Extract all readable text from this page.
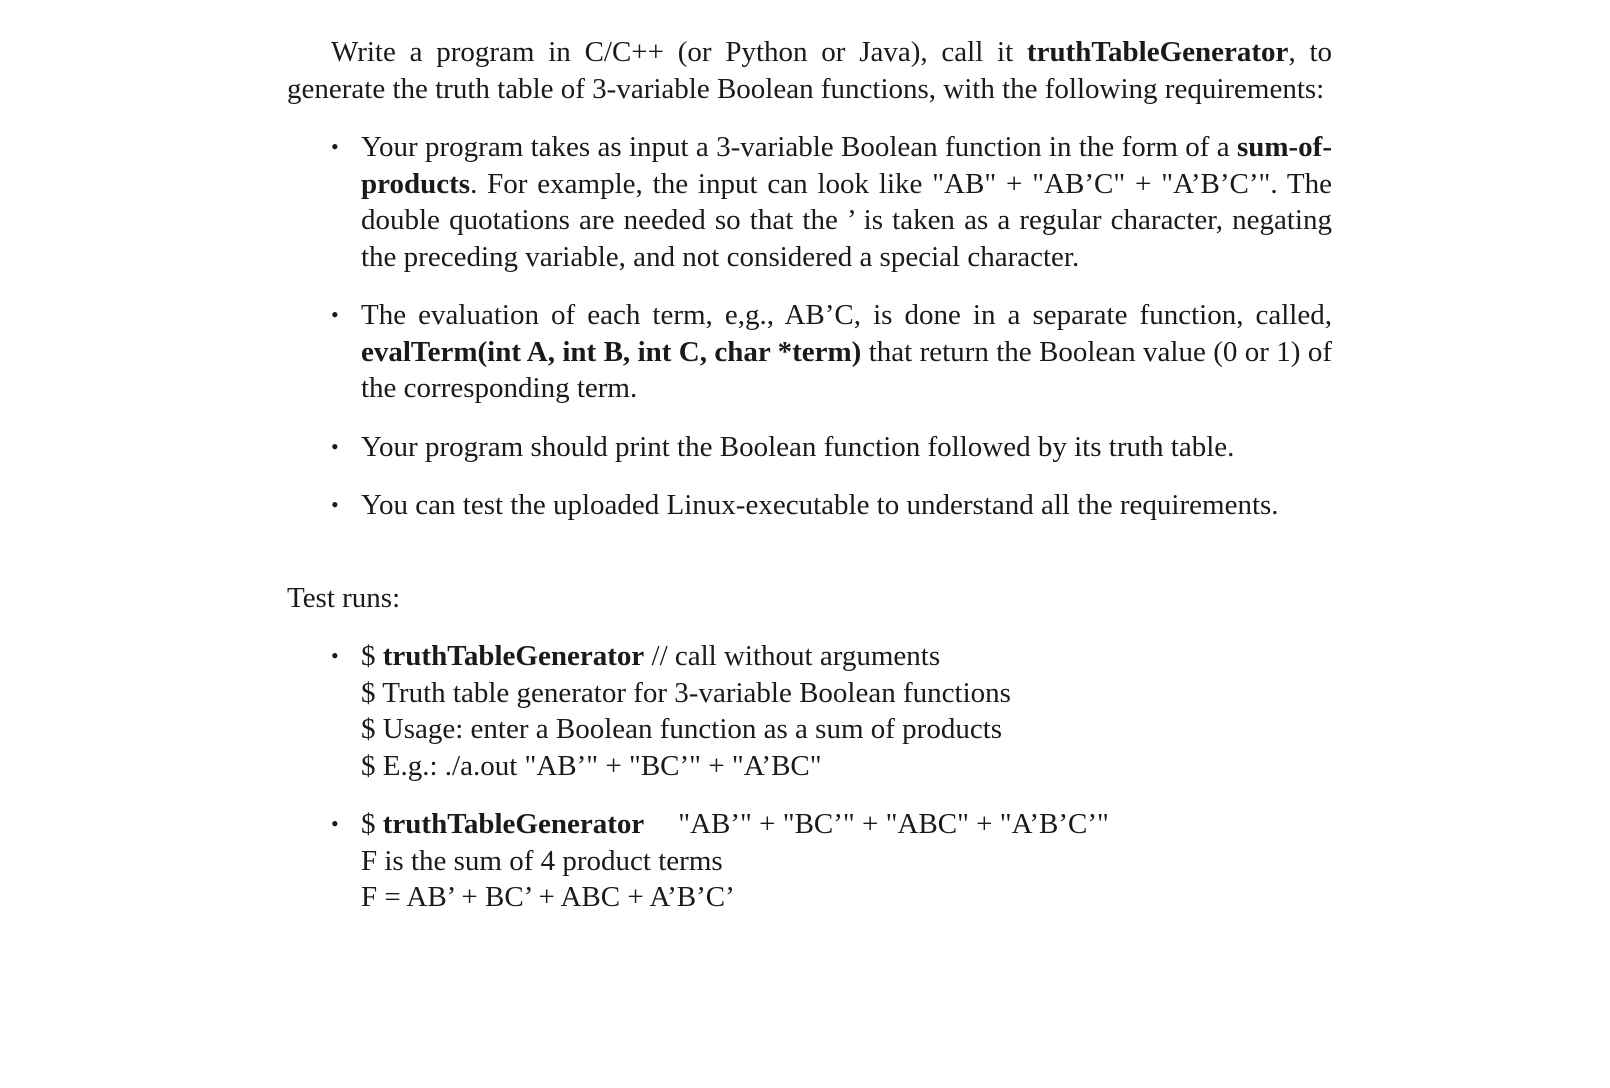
Write a program in C/C++ (or Python or Java), call it truthTableGenerator, to generate the truth table of 3-variable Boolean functions, with the following requirements:

• Your program takes as input a 3-variable Boolean function in the form of a sum-of-products. For example, the input can look like "AB" + "AB’C" + "A’B’C’". The double quotations are needed so that the ’ is taken as a regular character, negating the preceding variable, and not considered a special character.
• The evaluation of each term, e,g., AB’C, is done in a separate function, called, evalTerm(int A, int B, int C, char *term) that return the Boolean value (0 or 1) of the corresponding term.
• Your program should print the Boolean function followed by its truth table.
• You can test the uploaded Linux-executable to understand all the requirements.

Test runs:

• $ truthTableGenerator // call without arguments
$ Truth table generator for 3-variable Boolean functions
$ Usage: enter a Boolean function as a sum of products
$ E.g.: ./a.out "AB’" + "BC’" + "A’BC"
• $ truthTableGenerator "AB’" + "BC’" + "ABC" + "A’B’C’"
F is the sum of 4 product terms
F = AB’ + BC’ + ABC + A’B’C’
